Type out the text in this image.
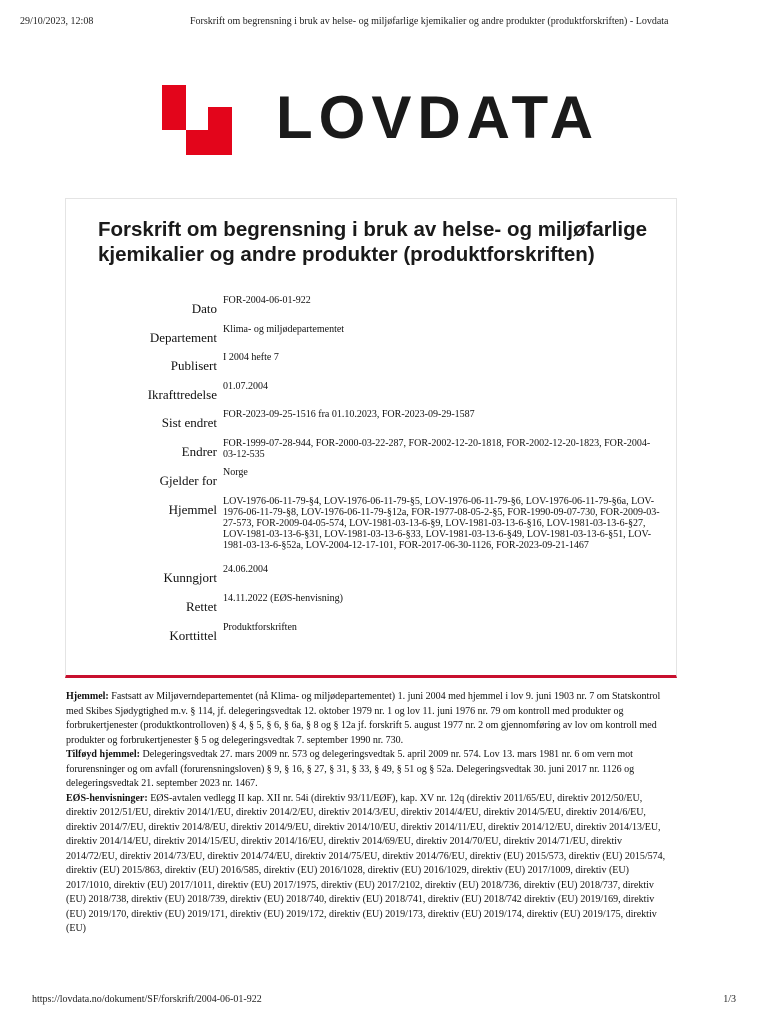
29/10/2023, 12:08	Forskrift om begrensning i bruk av helse- og miljøfarlige kjemikalier og andre produkter (produktforskriften) - Lovdata
LOVDATA
Forskrift om begrensning i bruk av helse- og miljøfarlige kjemikalier og andre produkter (produktforskriften)
Dato
FOR-2004-06-01-922
Departement
Klima- og miljødepartementet
Publisert
I 2004 hefte 7
Ikrafttredelse
01.07.2004
Sist endret
FOR-2023-09-25-1516 fra 01.10.2023, FOR-2023-09-29-1587
Endrer
FOR-1999-07-28-944, FOR-2000-03-22-287, FOR-2002-12-20-1818, FOR-2002-12-20-1823, FOR-2004-03-12-535
Gjelder for
Norge
Hjemmel
LOV-1976-06-11-79-§4, LOV-1976-06-11-79-§5, LOV-1976-06-11-79-§6, LOV-1976-06-11-79-§6a, LOV-1976-06-11-79-§8, LOV-1976-06-11-79-§12a, FOR-1977-08-05-2-§5, FOR-1990-09-07-730, FOR-2009-03-27-573, FOR-2009-04-05-574, LOV-1981-03-13-6-§9, LOV-1981-03-13-6-§16, LOV-1981-03-13-6-§27, LOV-1981-03-13-6-§31, LOV-1981-03-13-6-§33, LOV-1981-03-13-6-§49, LOV-1981-03-13-6-§51, LOV-1981-03-13-6-§52a, LOV-2004-12-17-101, FOR-2017-06-30-1126, FOR-2023-09-21-1467
Kunngjort
24.06.2004
Rettet
14.11.2022 (EØS-henvisning)
Korttittel
Produktforskriften

Hjemmel: Fastsatt av Miljøverndepartementet (nå Klima- og miljødepartementet) 1. juni 2004 med hjemmel i lov 9. juni 1903 nr. 7 om Statskontrol med Skibes Sjødygtighed m.v. § 114, jf. delegeringsvedtak 12. oktober 1979 nr. 1 og lov 11. juni 1976 nr. 79 om kontroll med produkter og forbrukertjenester (produktkontrolloven) § 4, § 5, § 6, § 6a, § 8 og § 12a jf. forskrift 5. august 1977 nr. 2 om gjennomføring av lov om kontroll med produkter og forbrukertjenester § 5 og delegeringsvedtak 7. september 1990 nr. 730.

Tilføyd hjemmel: Delegeringsvedtak 27. mars 2009 nr. 573 og delegeringsvedtak 5. april 2009 nr. 574. Lov 13. mars 1981 nr. 6 om vern mot forurensninger og om avfall (forurensningsloven) § 9, § 16, § 27, § 31, § 33, § 49, § 51 og § 52a. Delegeringsvedtak 30. juni 2017 nr. 1126 og delegeringsvedtak 21. september 2023 nr. 1467.

EØS-henvisninger: EØS-avtalen vedlegg II kap. XII nr. 54i (direktiv 93/11/EØF), kap. XV nr. 12q (direktiv 2011/65/EU, direktiv 2012/50/EU, direktiv 2012/51/EU, direktiv 2014/1/EU, direktiv 2014/2/EU, direktiv 2014/3/EU, direktiv 2014/4/EU, direktiv 2014/5/EU, direktiv 2014/6/EU, direktiv 2014/7/EU, direktiv 2014/8/EU, direktiv 2014/9/EU, direktiv 2014/10/EU, direktiv 2014/11/EU, direktiv 2014/12/EU, direktiv 2014/13/EU, direktiv 2014/14/EU, direktiv 2014/15/EU, direktiv 2014/16/EU, direktiv 2014/69/EU, direktiv 2014/70/EU, direktiv 2014/71/EU, direktiv 2014/72/EU, direktiv 2014/73/EU, direktiv 2014/74/EU, direktiv 2014/75/EU, direktiv 2014/76/EU, direktiv (EU) 2015/573, direktiv (EU) 2015/574, direktiv (EU) 2015/863, direktiv (EU) 2016/585, direktiv (EU) 2016/1028, direktiv (EU) 2016/1029, direktiv (EU) 2017/1009, direktiv (EU) 2017/1010, direktiv (EU) 2017/1011, direktiv (EU) 2017/1975, direktiv (EU) 2017/2102, direktiv (EU) 2018/736, direktiv (EU) 2018/737, direktiv (EU) 2018/738, direktiv (EU) 2018/739, direktiv (EU) 2018/740, direktiv (EU) 2018/741, direktiv (EU) 2018/742 direktiv (EU) 2019/169, direktiv (EU) 2019/170, direktiv (EU) 2019/171, direktiv (EU) 2019/172, direktiv (EU) 2019/173, direktiv (EU) 2019/174, direktiv (EU) 2019/175, direktiv (EU)

https://lovdata.no/dokument/SF/forskrift/2004-06-01-922	1/3
